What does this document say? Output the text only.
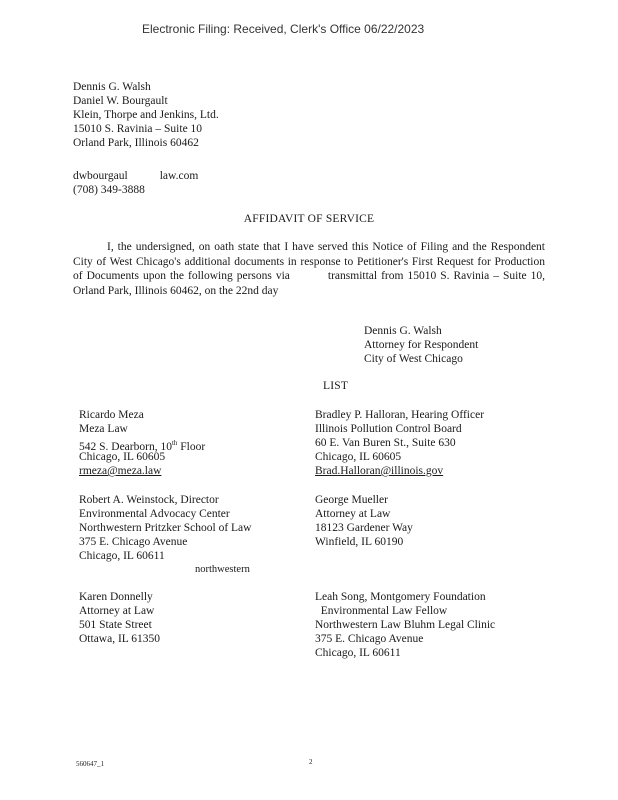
Electronic Filing: Received, Clerk's Office 06/22/2023
Dennis G. Walsh
Daniel W. Bourgault
Klein, Thorpe and Jenkins, Ltd.
15010 S. Ravinia – Suite 10
Orland Park, Illinois 60462
dwbourgaul	law.com
(708) 349-3888
AFFIDAVIT OF SERVICE
I, the undersigned, on oath state that I have served this Notice of Filing and the Respondent City of West Chicago's additional documents in response to Petitioner's First Request for Production of Documents upon the following persons via	transmittal from 15010 S. Ravinia – Suite 10, Orland Park, Illinois 60462, on the 22nd day
Dennis G. Walsh
Attorney for Respondent
City of West Chicago
LIST
Ricardo Meza
Meza Law
542 S. Dearborn, 10th Floor
Chicago, IL 60605
rmeza@meza.law
Robert A. Weinstock, Director
Environmental Advocacy Center
Northwestern Pritzker School of Law
375 E. Chicago Avenue
Chicago, IL 60611
northwestern
Karen Donnelly
Attorney at Law
501 State Street
Ottawa, IL 61350
Bradley P. Halloran, Hearing Officer
Illinois Pollution Control Board
60 E. Van Buren St., Suite 630
Chicago, IL 60605
Brad.Halloran@illinois.gov
George Mueller
Attorney at Law
18123 Gardener Way
Winfield, IL 60190
Leah Song, Montgomery Foundation
Environmental Law Fellow
Northwestern Law Bluhm Legal Clinic
375 E. Chicago Avenue
Chicago, IL 60611
560647_1	2
